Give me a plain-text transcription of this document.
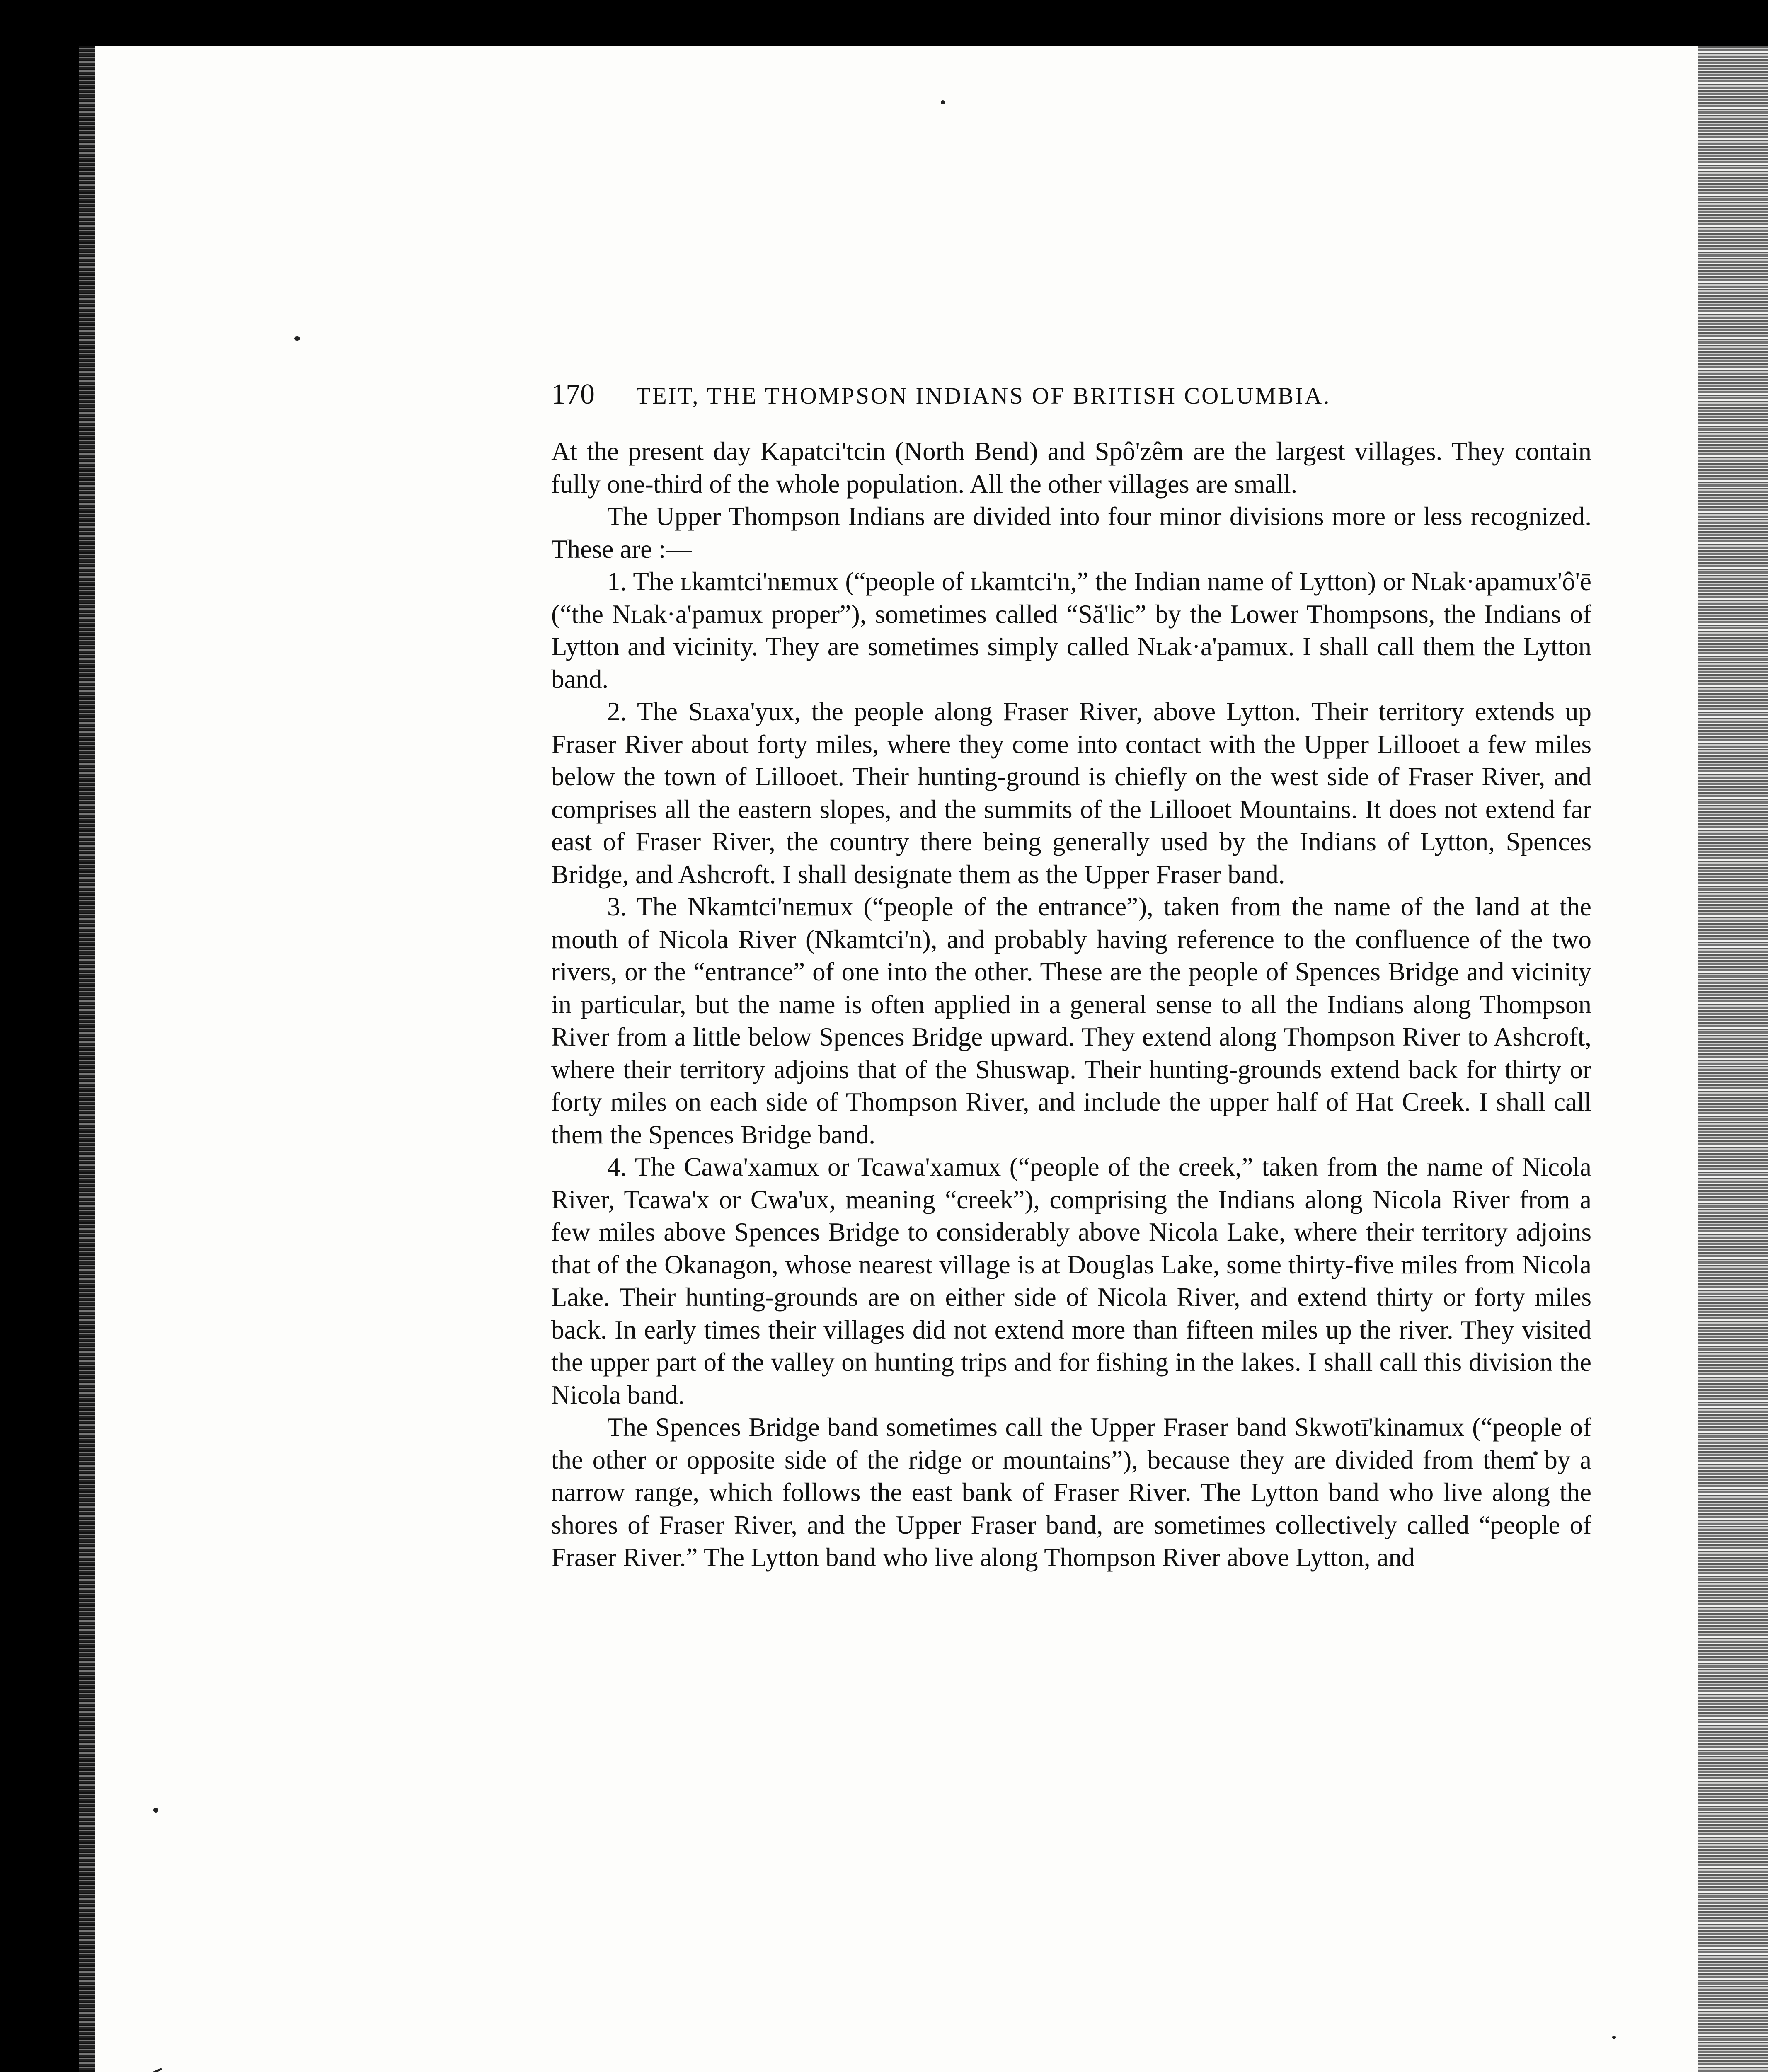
170 TEIT, THE THOMPSON INDIANS OF BRITISH COLUMBIA.

At the present day Kapatci'tcin (North Bend) and Spô'zêm are the largest villages. They contain fully one-third of the whole population. All the other villages are small.

The Upper Thompson Indians are divided into four minor divisions more or less recognized. These are :—

1. The ʟkamtci'nᴇmux (“people of ʟkamtci'n,” the Indian name of Lytton) or Nʟak·apamux'ô'ē (“the Nʟak·a'pamux proper”), sometimes called “Să'lic” by the Lower Thompsons, the Indians of Lytton and vicinity. They are sometimes simply called Nʟak·a'pamux. I shall call them the Lytton band.

2. The Sʟaxa'yux, the people along Fraser River, above Lytton. Their territory extends up Fraser River about forty miles, where they come into contact with the Upper Lillooet a few miles below the town of Lillooet. Their hunting-ground is chiefly on the west side of Fraser River, and comprises all the eastern slopes, and the summits of the Lillooet Mountains. It does not extend far east of Fraser River, the country there being generally used by the Indians of Lytton, Spences Bridge, and Ashcroft. I shall designate them as the Upper Fraser band.

3. The Nkamtci'nᴇmux (“people of the entrance”), taken from the name of the land at the mouth of Nicola River (Nkamtci'n), and probably having reference to the confluence of the two rivers, or the “entrance” of one into the other. These are the people of Spences Bridge and vicinity in particular, but the name is often applied in a general sense to all the Indians along Thompson River from a little below Spences Bridge upward. They extend along Thompson River to Ashcroft, where their territory adjoins that of the Shuswap. Their hunting-grounds extend back for thirty or forty miles on each side of Thompson River, and include the upper half of Hat Creek. I shall call them the Spences Bridge band.

4. The Cawa'xamux or Tcawa'xamux (“people of the creek,” taken from the name of Nicola River, Tcawa'x or Cwa'ux, meaning “creek”), comprising the Indians along Nicola River from a few miles above Spences Bridge to considerably above Nicola Lake, where their territory adjoins that of the Okanagon, whose nearest village is at Douglas Lake, some thirty-five miles from Nicola Lake. Their hunting-grounds are on either side of Nicola River, and extend thirty or forty miles back. In early times their villages did not extend more than fifteen miles up the river. They visited the upper part of the valley on hunting trips and for fishing in the lakes. I shall call this division the Nicola band.

The Spences Bridge band sometimes call the Upper Fraser band Skwotī'kinamux (“people of the other or opposite side of the ridge or mountains”), because they are divided from them by a narrow range, which follows the east bank of Fraser River. The Lytton band who live along the shores of Fraser River, and the Upper Fraser band, are sometimes collectively called “people of Fraser River.” The Lytton band who live along Thompson River above Lytton, and
